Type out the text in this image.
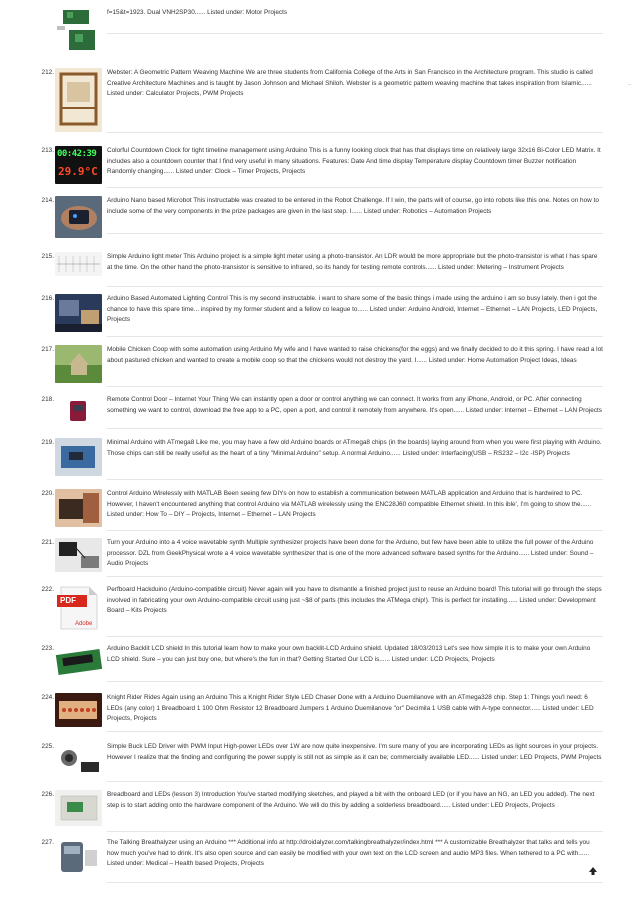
f=15&t=1923. Dual VNH2SP30...... Listed under: Motor Projects
212.	Webster: A Geometric Pattern Weaving Machine We are three students from California College of the Arts in San Francisco in the Architecture program. This studio is called Creative Architecture Machines and is taught by Jason Johnson and Michael Shiloh. Webster is a geometric pattern weaving machine that takes inspiration from Islamic...... Listed under: Calculator Projects, PWM Projects
213. 00:42:39
29.9°C
Colorful Countdown Clock for tight timeline management using Arduino This is a funny looking clock that has that displays time on relatively large 32x16 Bi-Color LED Matrix. It includes also a countdown counter that I find very useful in many situations. Features: Date And time display Temperature display Countdown timer Buzzer notification Randomly changing...... Listed under: Clock – Timer Projects, Projects
214.	Arduino Nano based Microbot This instructable was created to be entered in the Robot Challenge. If I win, the parts will of course, go into robots like this one. Notes on how to include some of the very components in the prize packages are given in the last step. I...... Listed under: Robotics – Automation Projects
215.	Simple Arduino light meter This Arduino project is a simple light meter using a photo-transistor. An LDR would be more appropriate but the photo-transistor is what I has spare at the time. On the other hand the photo-transistor is sensitive to infrared, so its handy for testing remote controls...... Listed under: Metering – Instrument Projects
216.	Arduino Based Automated Lighting Control This is my second instructable. i want to share some of the basic things i made using the arduino i am so busy lately. then i got the chance to have this spare time... inspired by my former student and a fellow co league to...... Listed under: Arduino Android, Internet – Ethernet – LAN Projects, LED Projects, Projects
217.	Mobile Chicken Coop with some automation using Arduino My wife and I have wanted to raise chickens(for the eggs) and we finally decided to do it this spring. I have read a lot about pastured chicken and wanted to create a mobile coop so that the chickens would not destroy the yard. I...... Listed under: Home Automation Project Ideas, Ideas
218.	Remote Control Door – Internet Your Thing We can instantly open a door or control anything we can connect. It works from any iPhone, Android, or PC. After connecting something we want to control, download the free app to a PC, open a port, and control it remotely from anywhere. It's open...... Listed under: Internet – Ethernet – LAN Projects
219.	Minimal Arduino with ATmega8 Like me, you may have a few old Arduino boards or ATmega8 chips (in the boards) laying around from when you were first playing with Arduino. Those chips can still be really useful as the heart of a tiny "Minimal Arduino" setup. A normal Arduino...... Listed under: Interfacing(USB – RS232 – I2c -ISP) Projects
220.	Control Arduino Wirelessly with MATLAB Been seeing few DIYs on how to establish a communication between MATLAB application and Arduino that is hardwired to PC. However, I haven't encountered anything that control Arduino via MATLAB wirelessly using the ENC28J60 compatible Ethernet shield. In this ible', I'm going to show the...... Listed under: How To – DIY – Projects, Internet – Ethernet – LAN Projects
221.	Turn your Arduino into a 4 voice wavetable synth Multiple synthesizer projects have been done for the Arduino, but few have been able to utilize the full power of the Arduino processor. DZL from GeekPhysical wrote a 4 voice wavetable synthesizer that is one of the more advanced software based synths for the Arduino...... Listed under: Sound – Audio Projects
222.
PDF
Adobe
Perfboard Hackduino (Arduino-compatible circuit) Never again will you have to dismantle a finished project just to reuse an Arduino board! This tutorial will go through the steps involved in fabricating your own Arduino-compatible circuit using just ~$8 of parts (this includes the ATMega chip!). This is perfect for installing...... Listed under: Development Board – Kits Projects
223.	Arduino Backlit LCD shield In this tutorial learn how to make your own backlit-LCD Arduino shield. Updated 18/03/2013 Let's see how simple it is to make your own Arduino LCD shield. Sure – you can just buy one, but where's the fun in that? Getting Started Our LCD is...... Listed under: LCD Projects, Projects
224.	Knight Rider Rides Again using an Arduino This a Knight Rider Style LED Chaser Done with a Arduino Duemilanove with an ATmega328 chip. Step 1: Things you'l need: 6 LEDs (any color) 1 Breadboard 1 100 Ohm Resistor 12 Breadboard Jumpers 1 Arduino Duemilanove "or" Decimila 1 USB cable with A-type connector...... Listed under: LED Projects, Projects
225.	Simple Buck LED Driver with PWM Input High-power LEDs over 1W are now quite inexpensive. I'm sure many of you are incorporating LEDs as light sources in your projects. However I realize that the finding and configuring the power supply is still not as simple as it can be; commercially available LED...... Listed under: LED Projects, PWM Projects
226.	Breadboard and LEDs (lesson 3) Introduction You've started modifying sketches, and played a bit with the onboard LED (or if you have an NG, an LED you added). The next step is to start adding onto the hardware component of the Arduino. We will do this by adding a solderless breadboard...... Listed under: LED Projects, Projects
227.	The Talking Breathalyzer using an Arduino *** Additional info at http://droidalyzer.com/talkingbreathalyzer/index.html *** A customizable Breathalyzer that talks and tells you how much you've had to drink. It's also open source and can easily be modified with your own text on the LCD screen and audio MP3 files. When tethered to a PC with...... Listed under: Medical – Health based Projects, Projects
